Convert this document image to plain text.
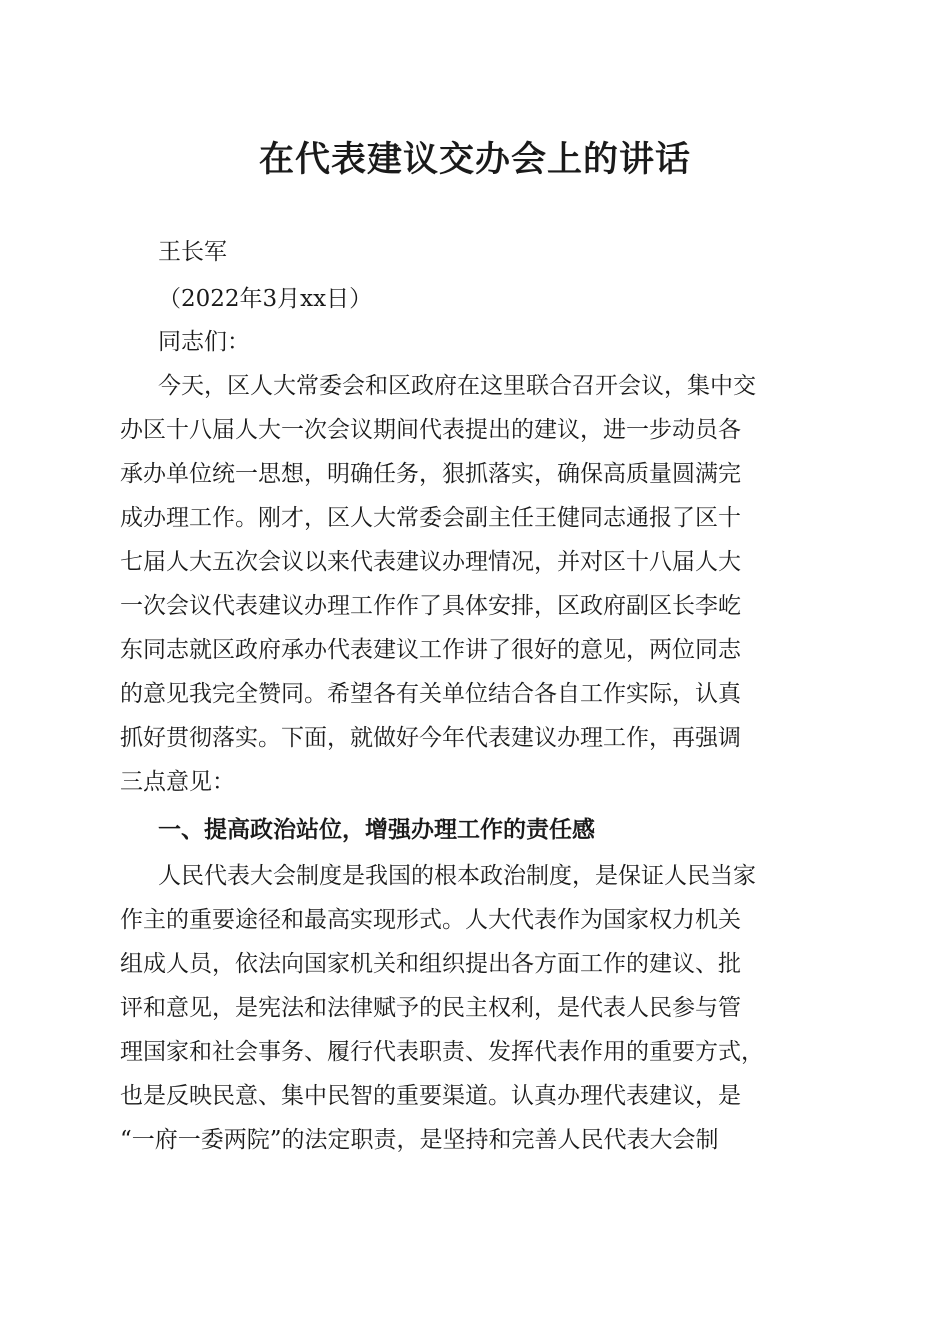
在代表建议交办会上的讲话
王长军
（2022年3月xx日）
同志们：
今天，区人大常委会和区政府在这里联合召开会议，集中交
办区十八届人大一次会议期间代表提出的建议，进一步动员各
承办单位统一思想，明确任务，狠抓落实，确保高质量圆满完
成办理工作。刚才，区人大常委会副主任王健同志通报了区十
七届人大五次会议以来代表建议办理情况，并对区十八届人大
一次会议代表建议办理工作作了具体安排，区政府副区长李屹
东同志就区政府承办代表建议工作讲了很好的意见，两位同志
的意见我完全赞同。希望各有关单位结合各自工作实际，认真
抓好贯彻落实。下面，就做好今年代表建议办理工作，再强调
三点意见：
一、提高政治站位，增强办理工作的责任感
人民代表大会制度是我国的根本政治制度，是保证人民当家
作主的重要途径和最高实现形式。人大代表作为国家权力机关
组成人员，依法向国家机关和组织提出各方面工作的建议、批
评和意见，是宪法和法律赋予的民主权利，是代表人民参与管
理国家和社会事务、履行代表职责、发挥代表作用的重要方式，
也是反映民意、集中民智的重要渠道。认真办理代表建议，是
“一府一委两院”的法定职责，是坚持和完善人民代表大会制
